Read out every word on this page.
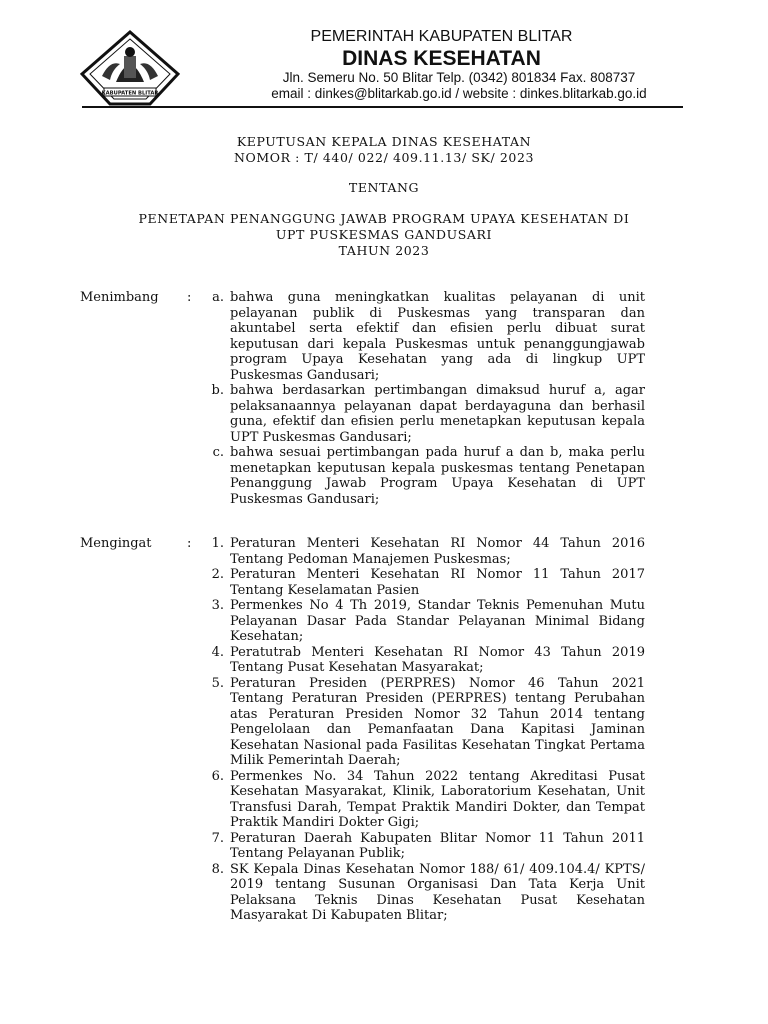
KABUPATEN BLITAR
PEMERINTAH KABUPATEN BLITAR
DINAS KESEHATAN
Jln. Semeru No. 50 Blitar Telp. (0342) 801834 Fax. 808737
email : dinkes@blitarkab.go.id / website : dinkes.blitarkab.go.id
KEPUTUSAN KEPALA DINAS KESEHATAN
NOMOR : T/ 440/ 022/ 409.11.13/ SK/ 2023
TENTANG
PENETAPAN PENANGGUNG JAWAB PROGRAM UPAYA KESEHATAN DI
UPT PUSKESMAS GANDUSARI
TAHUN 2023
Menimbang :	a. bahwa guna meningkatkan kualitas pelayanan di unit pelayanan publik di Puskesmas yang transparan dan akuntabel serta efektif dan efisien perlu dibuat surat keputusan dari kepala Puskesmas untuk penanggungjawab program Upaya Kesehatan yang ada di lingkup UPT Puskesmas Gandusari;
b. bahwa berdasarkan pertimbangan dimaksud huruf a, agar pelaksanaannya pelayanan dapat berdayaguna dan berhasil guna, efektif dan efisien perlu menetapkan keputusan kepala UPT Puskesmas Gandusari;
c. bahwa sesuai pertimbangan pada huruf a dan b, maka perlu menetapkan keputusan kepala puskesmas tentang Penetapan Penanggung Jawab Program Upaya Kesehatan di UPT Puskesmas Gandusari;
Mengingat	:	1. Peraturan Menteri Kesehatan RI Nomor 44 Tahun 2016 Tentang Pedoman Manajemen Puskesmas;
2. Peraturan Menteri Kesehatan RI Nomor 11 Tahun 2017 Tentang Keselamatan Pasien
3. Permenkes No 4 Th 2019, Standar Teknis Pemenuhan Mutu Pelayanan Dasar Pada Standar Pelayanan Minimal Bidang Kesehatan;
4. Peratutrab Menteri Kesehatan RI Nomor 43 Tahun 2019 Tentang Pusat Kesehatan Masyarakat;
5. Peraturan Presiden (PERPRES) Nomor 46 Tahun 2021 Tentang Peraturan Presiden (PERPRES) tentang Perubahan atas Peraturan Presiden Nomor 32 Tahun 2014 tentang Pengelolaan dan Pemanfaatan Dana Kapitasi Jaminan Kesehatan Nasional pada Fasilitas Kesehatan Tingkat Pertama Milik Pemerintah Daerah;
6. Permenkes No. 34 Tahun 2022 tentang Akreditasi Pusat Kesehatan Masyarakat, Klinik, Laboratorium Kesehatan, Unit Transfusi Darah, Tempat Praktik Mandiri Dokter, dan Tempat Praktik Mandiri Dokter Gigi;
7. Peraturan Daerah Kabupaten Blitar Nomor 11 Tahun 2011 Tentang Pelayanan Publik;
8. SK Kepala Dinas Kesehatan Nomor 188/ 61/ 409.104.4/ KPTS/ 2019 tentang Susunan Organisasi Dan Tata Kerja Unit Pelaksana Teknis Dinas Kesehatan Pusat Kesehatan Masyarakat Di Kabupaten Blitar;
